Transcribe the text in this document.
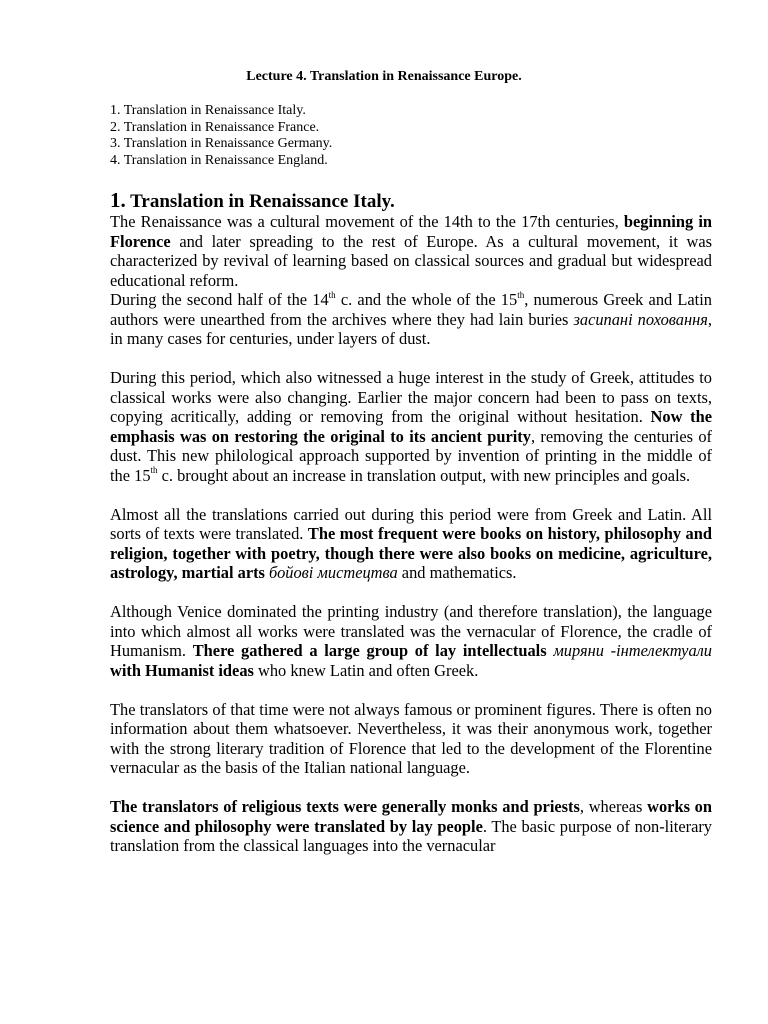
Lecture 4. Translation in Renaissance Europe.
1. Translation in Renaissance Italy.
2. Translation in Renaissance France.
3. Translation in Renaissance Germany.
4. Translation in Renaissance England.
1. Translation in Renaissance Italy.

The Renaissance was a cultural movement of the 14th to the 17th centuries, beginning in Florence and later spreading to the rest of Europe. As a cultural movement, it was characterized by revival of learning based on classical sources and gradual but widespread educational reform.

During the second half of the 14th c. and the whole of the 15th, numerous Greek and Latin authors were unearthed from the archives where they had lain buries засипані поховання, in many cases for centuries, under layers of dust.

During this period, which also witnessed a huge interest in the study of Greek, attitudes to classical works were also changing. Earlier the major concern had been to pass on texts, copying acritically, adding or removing from the original without hesitation. Now the emphasis was on restoring the original to its ancient purity, removing the centuries of dust. This new philological approach supported by invention of printing in the middle of the 15th c. brought about an increase in translation output, with new principles and goals.

Almost all the translations carried out during this period were from Greek and Latin. All sorts of texts were translated. The most frequent were books on history, philosophy and religion, together with poetry, though there were also books on medicine, agriculture, astrology, martial arts бойові мистецтва and mathematics.

Although Venice dominated the printing industry (and therefore translation), the language into which almost all works were translated was the vernacular of Florence, the cradle of Humanism. There gathered a large group of lay intellectuals миряни -інтелектуали with Humanist ideas who knew Latin and often Greek.

The translators of that time were not always famous or prominent figures. There is often no information about them whatsoever. Nevertheless, it was their anonymous work, together with the strong literary tradition of Florence that led to the development of the Florentine vernacular as the basis of the Italian national language.

The translators of religious texts were generally monks and priests, whereas works on science and philosophy were translated by lay people. The basic purpose of non-literary translation from the classical languages into the vernacular
